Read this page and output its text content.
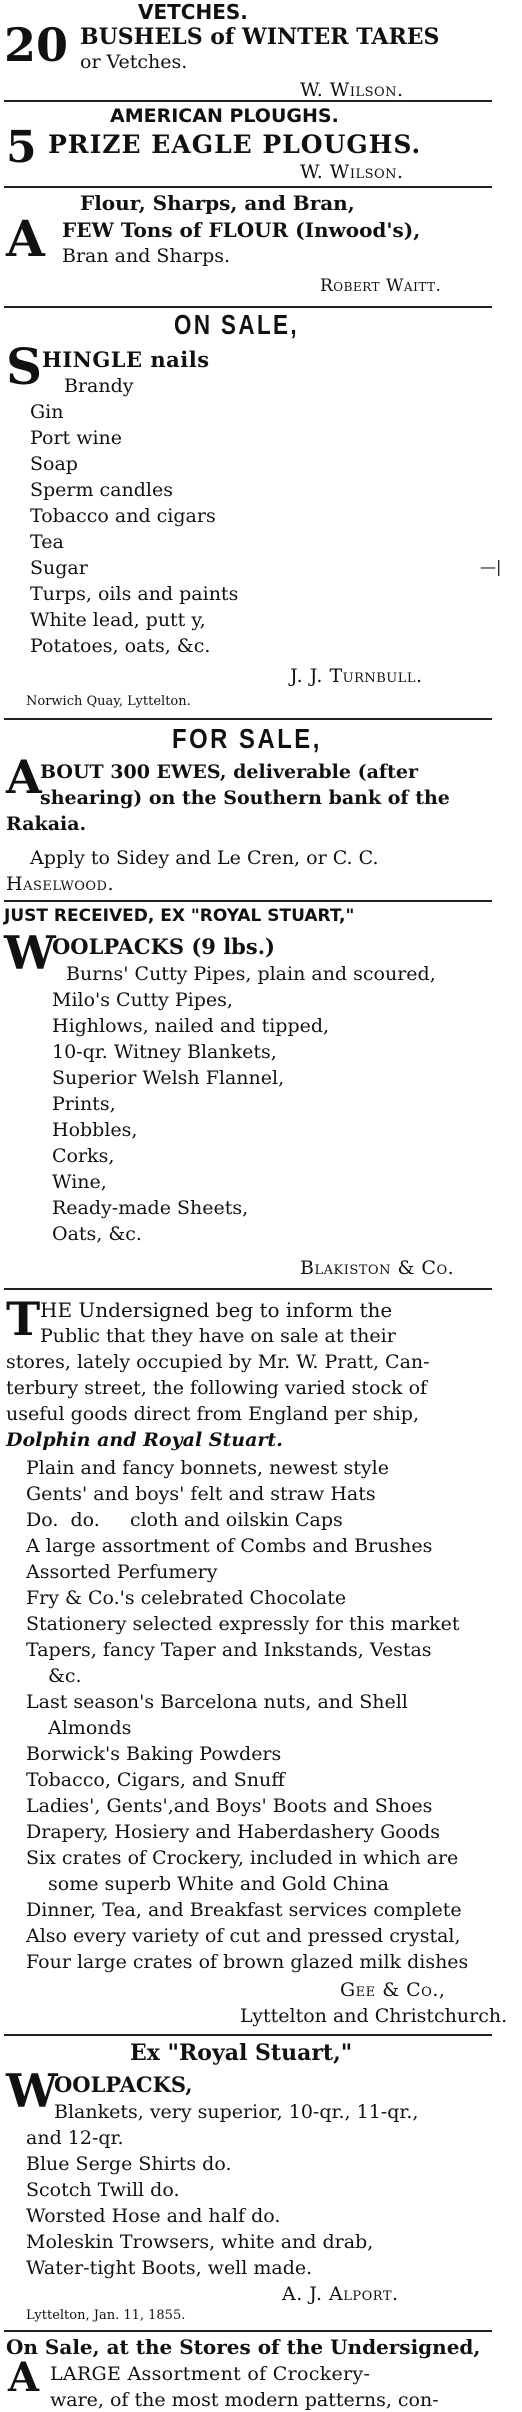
VETCHES.
20 BUSHELS of WINTER TARES
or Vetches.
W. Wilson.
AMERICAN PLOUGHS.
5 PRIZE EAGLE PLOUGHS.
W. Wilson.
Flour, Sharps, and Bran,
A FEW Tons of FLOUR (Inwood's),
Bran and Sharps.
Robert Waitt.
ON SALE,
S HINGLE nails
Brandy
Gin
Port wine
Soap
Sperm candles
Tobacco and cigars
Tea
Sugar
Turps, oils and paints
White lead, putt y,
Potatoes, oats, &c.
—|
J. J. Turnbull.
Norwich Quay, Lyttelton.
FOR SALE,
A
BOUT 300 EWES, deliverable (after
shearing) on the Southern bank of the
Rakaia.
Apply to Sidey and Le Cren, or C. C.
Haselwood.
JUST RECEIVED, EX "ROYAL STUART,"
W
OOLPACKS (9 lbs.)
Burns' Cutty Pipes, plain and scoured,
Milo's Cutty Pipes,
Highlows, nailed and tipped,
10-qr. Witney Blankets,
Superior Welsh Flannel,
Prints,
Hobbles,
Corks,
Wine,
Ready-made Sheets,
Oats, &c.
Blakiston & Co.
T HE Undersigned beg to inform the
Public that they have on sale at their
stores, lately occupied by Mr. W. Pratt, Can-
terbury street, the following varied stock of
useful goods direct from England per ship,
Dolphin and Royal Stuart.
Plain and fancy bonnets, newest style
Gents' and boys' felt and straw Hats
Do.  do.     cloth and oilskin Caps
A large assortment of Combs and Brushes
Assorted Perfumery
Fry & Co.'s celebrated Chocolate
Stationery selected expressly for this market
Tapers, fancy Taper and Inkstands, Vestas
&c.
Last season's Barcelona nuts, and Shell
Almonds
Borwick's Baking Powders
Tobacco, Cigars, and Snuff
Ladies', Gents',and Boys' Boots and Shoes
Drapery, Hosiery and Haberdashery Goods
Six crates of Crockery, included in which are
some superb White and Gold China
Dinner, Tea, and Breakfast services complete
Also every variety of cut and pressed crystal,
Four large crates of brown glazed milk dishes
Gee & Co.,
Lyttelton and Christchurch.
Ex "Royal Stuart,"
W
OOLPACKS,
Blankets, very superior, 10-qr., 11-qr.,
and 12-qr.
Blue Serge Shirts do.
Scotch Twill do.
Worsted Hose and half do.
Moleskin Trowsers, white and drab,
Water-tight Boots, well made.
A. J. Alport.
Lyttelton, Jan. 11, 1855.
On Sale, at the Stores of the Undersigned,
A LARGE Assortment of Crockery-
ware, of the most modern patterns, con-
